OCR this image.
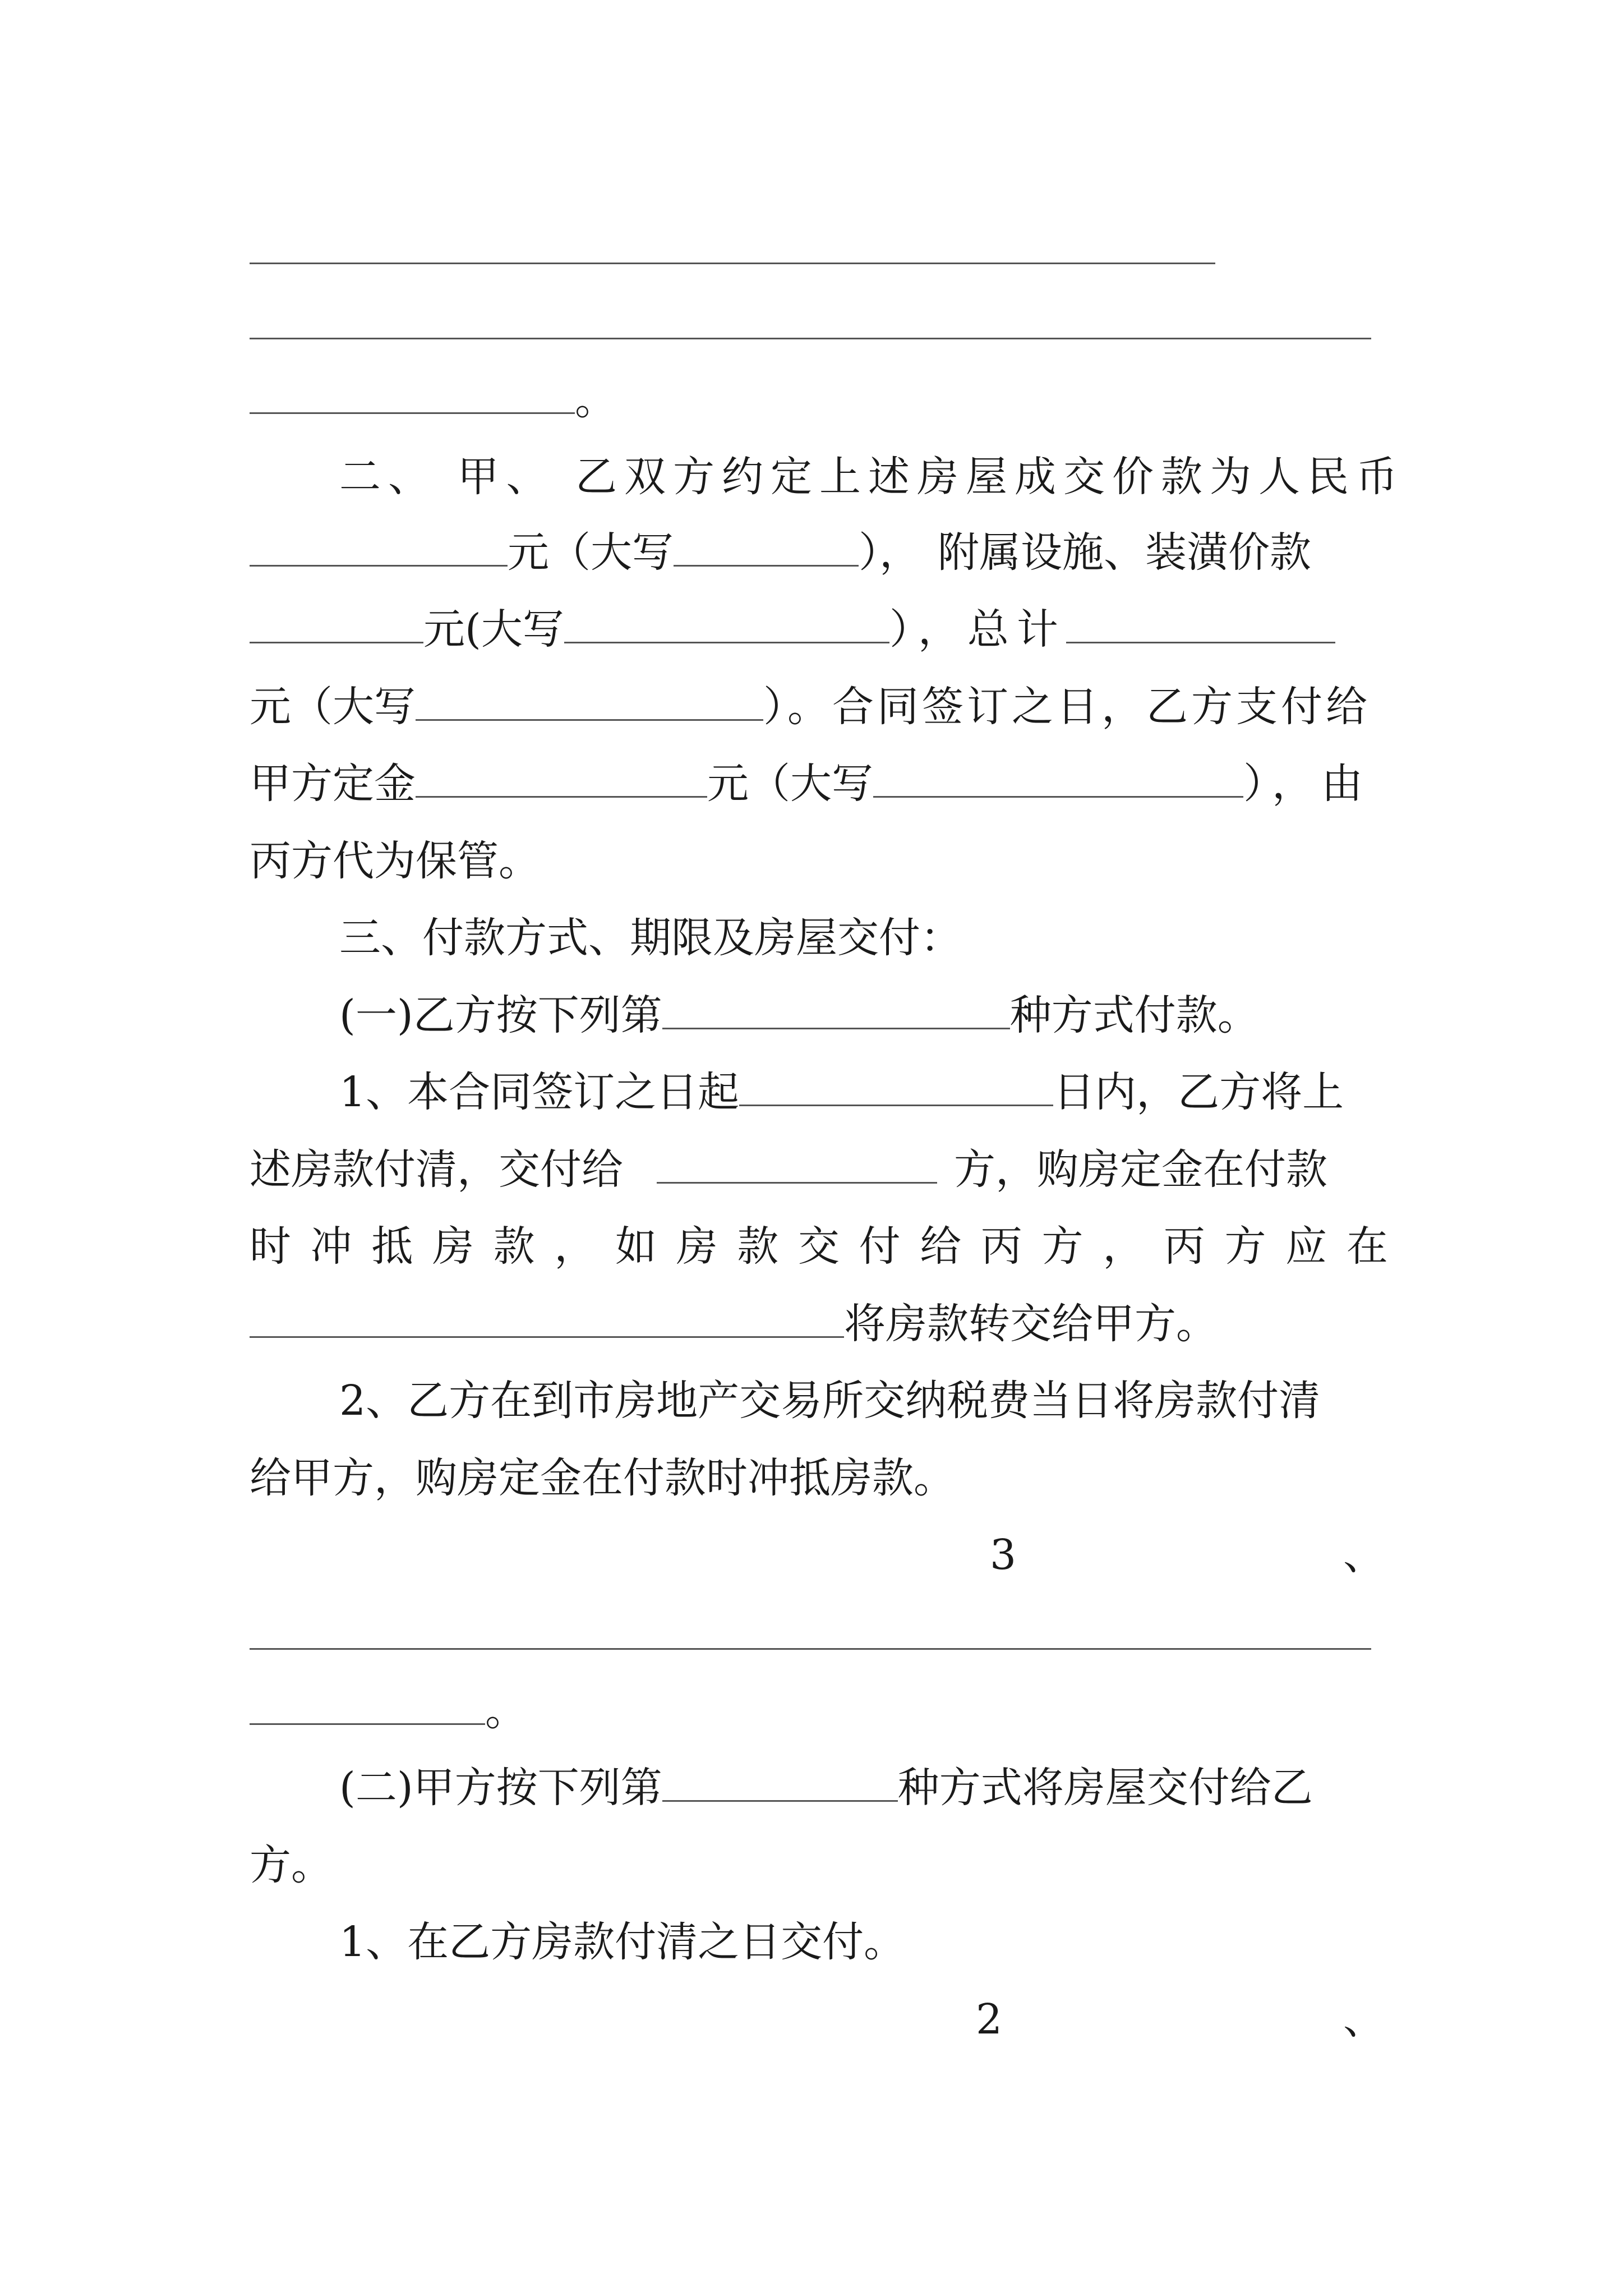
。
二、 甲、 乙双方约定上述房屋成交价款为人民币
元（大写	）， 附属设施、装潢价款
元(大写	），总计
元（大写	）。合同签订之日，乙方支付给
甲方定金	元（大写	），由
丙方代为保管。
三、付款方式、期限及房屋交付：
(一)乙方按下列第	种方式付款。
1、本合同签订之日起	日内，乙方将上
述房款付清，交付给	方，购房定金在付款
时 冲 抵 房 款 ， 如 房 款 交 付 给 丙 方 ， 丙 方 应 在
将房款转交给甲方。
2、乙方在到市房地产交易所交纳税费当日将房款付清
给甲方，购房定金在付款时冲抵房款。
3	、
。
(二)甲方按下列第	种方式将房屋交付给乙
方。
1、在乙方房款付清之日交付。
2	、
